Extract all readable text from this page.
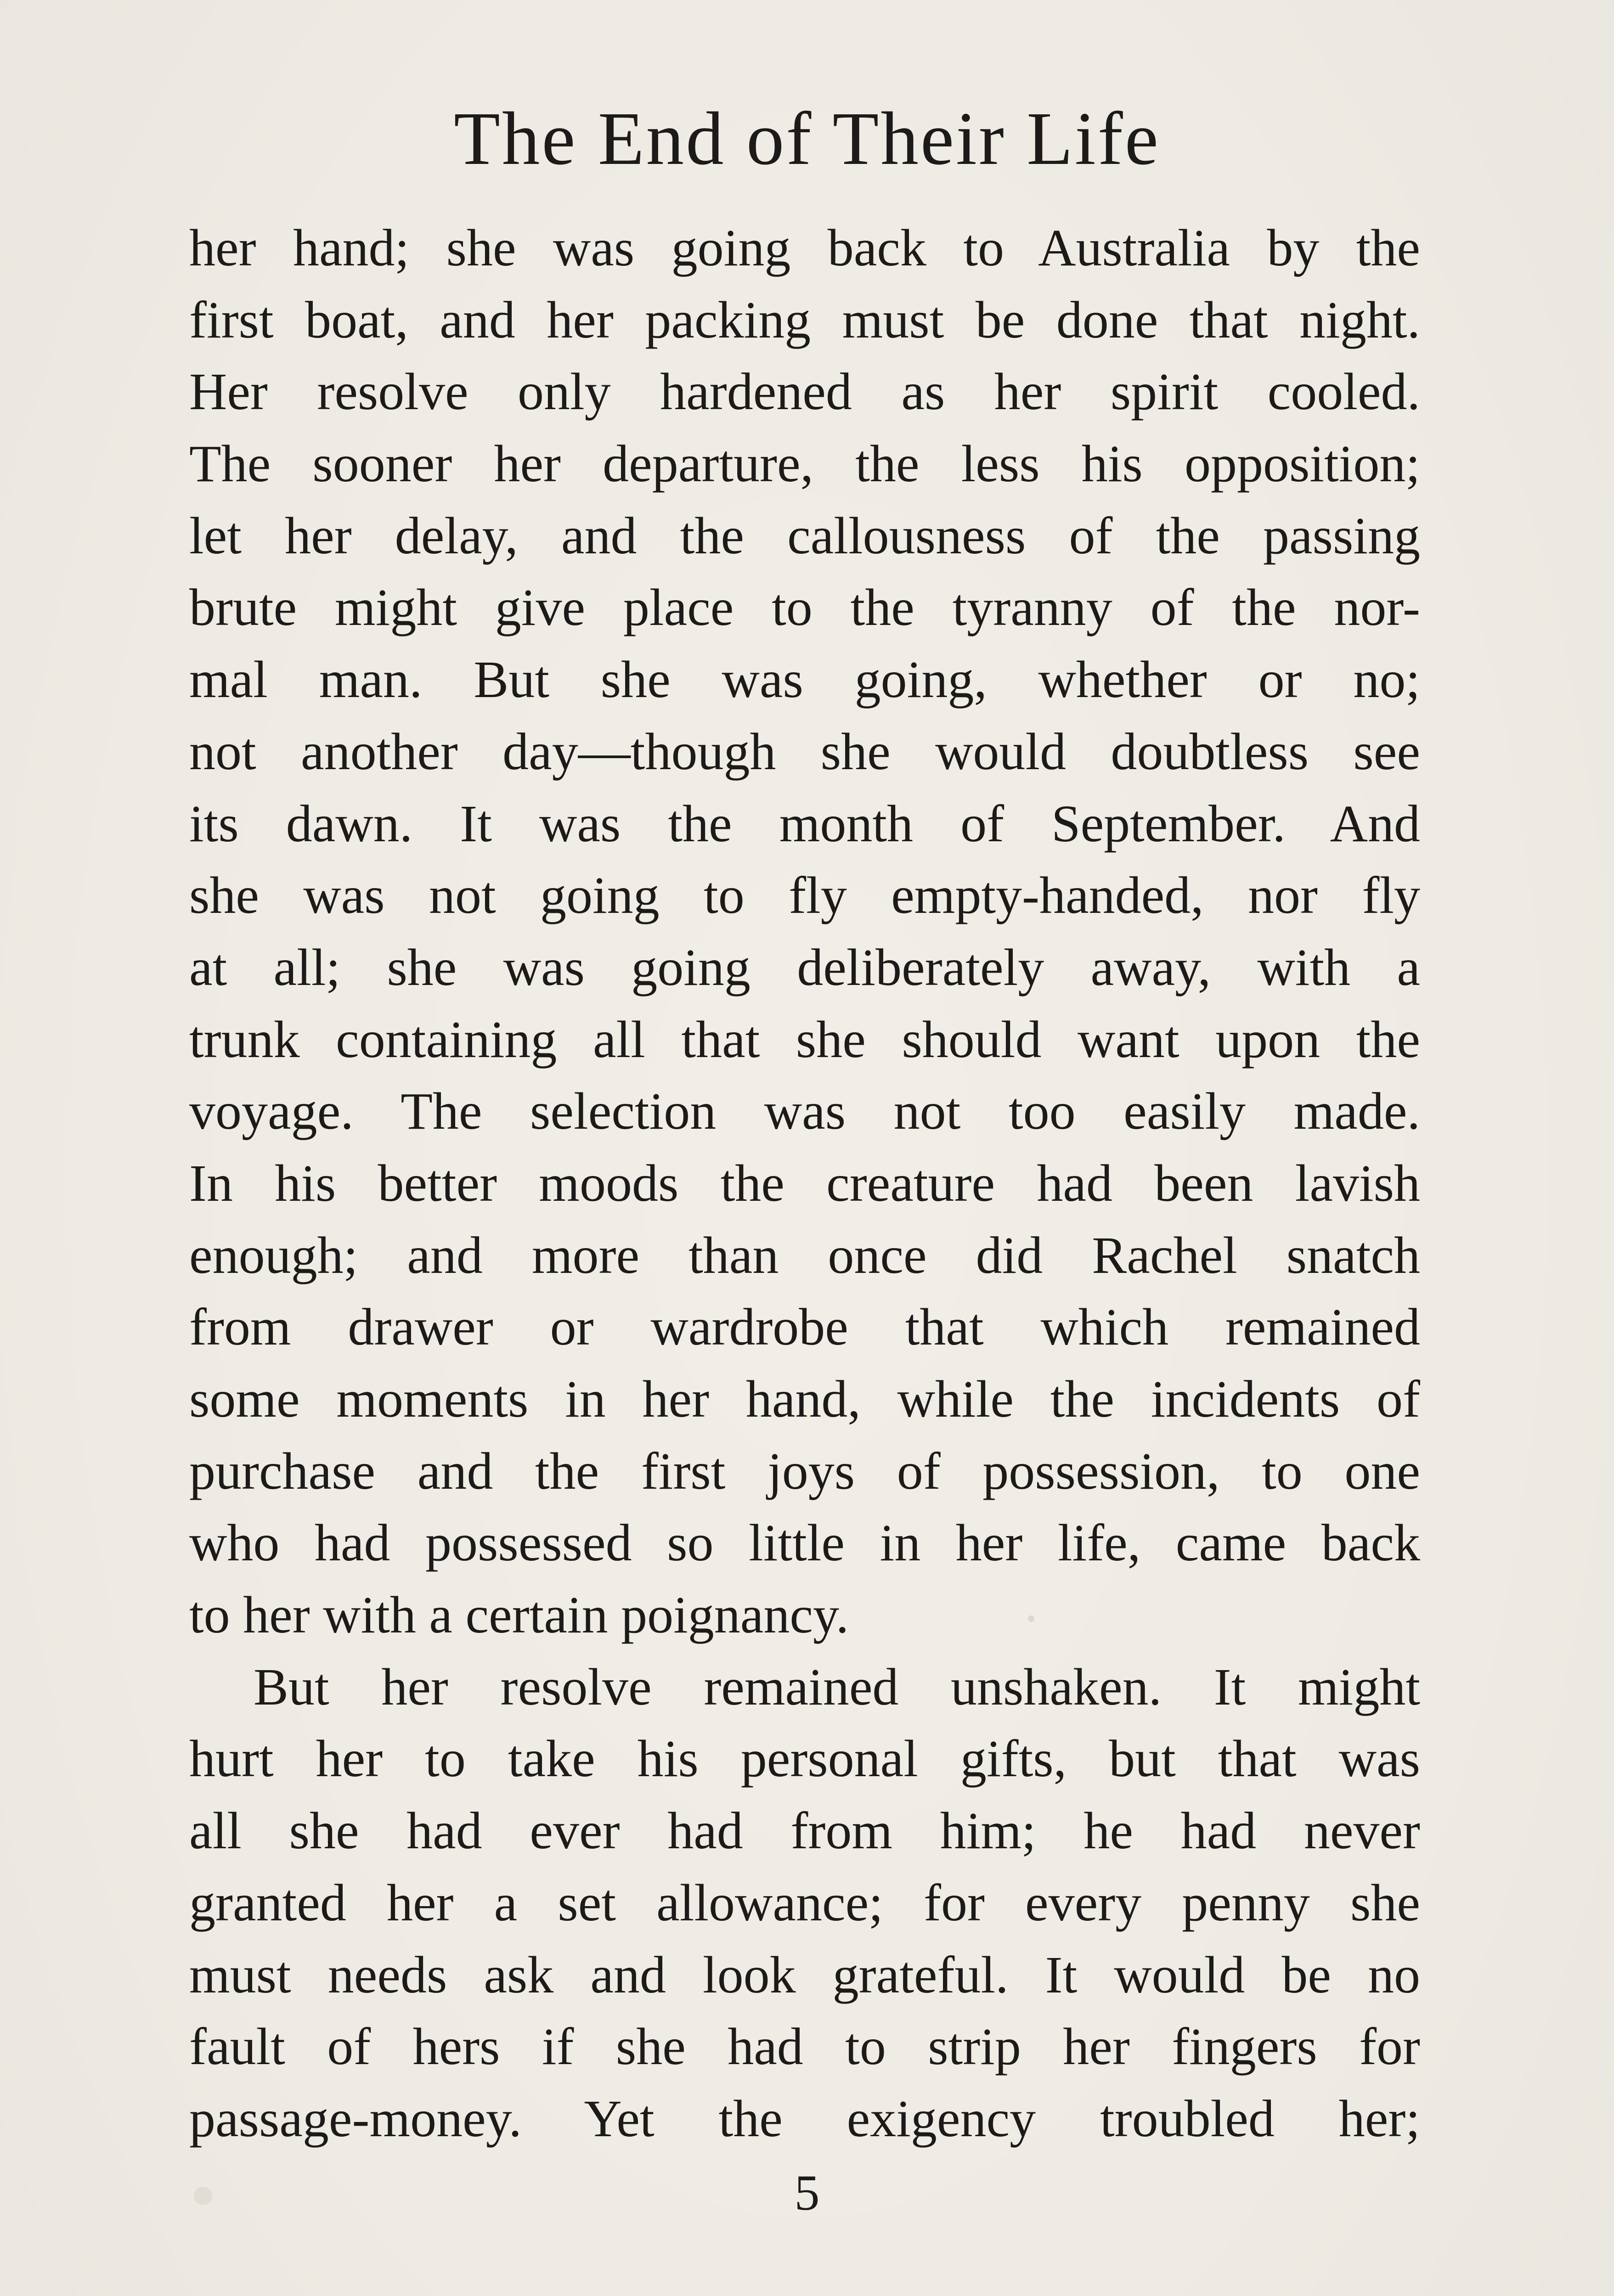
The End of Their Life
her hand; she was going back to Australia by the
first boat, and her packing must be done that night.
Her resolve only hardened as her spirit cooled.
The sooner her departure, the less his opposition;
let her delay, and the callousness of the passing
brute might give place to the tyranny of the nor-
mal man. But she was going, whether or no;
not another day—though she would doubtless see
its dawn. It was the month of September. And
she was not going to fly empty-handed, nor fly
at all; she was going deliberately away, with a
trunk containing all that she should want upon the
voyage. The selection was not too easily made.
In his better moods the creature had been lavish
enough; and more than once did Rachel snatch
from drawer or wardrobe that which remained
some moments in her hand, while the incidents of
purchase and the first joys of possession, to one
who had possessed so little in her life, came back
to her with a certain poignancy.
But her resolve remained unshaken. It might
hurt her to take his personal gifts, but that was
all she had ever had from him; he had never
granted her a set allowance; for every penny she
must needs ask and look grateful. It would be no
fault of hers if she had to strip her fingers for
passage-money. Yet the exigency troubled her;
5
